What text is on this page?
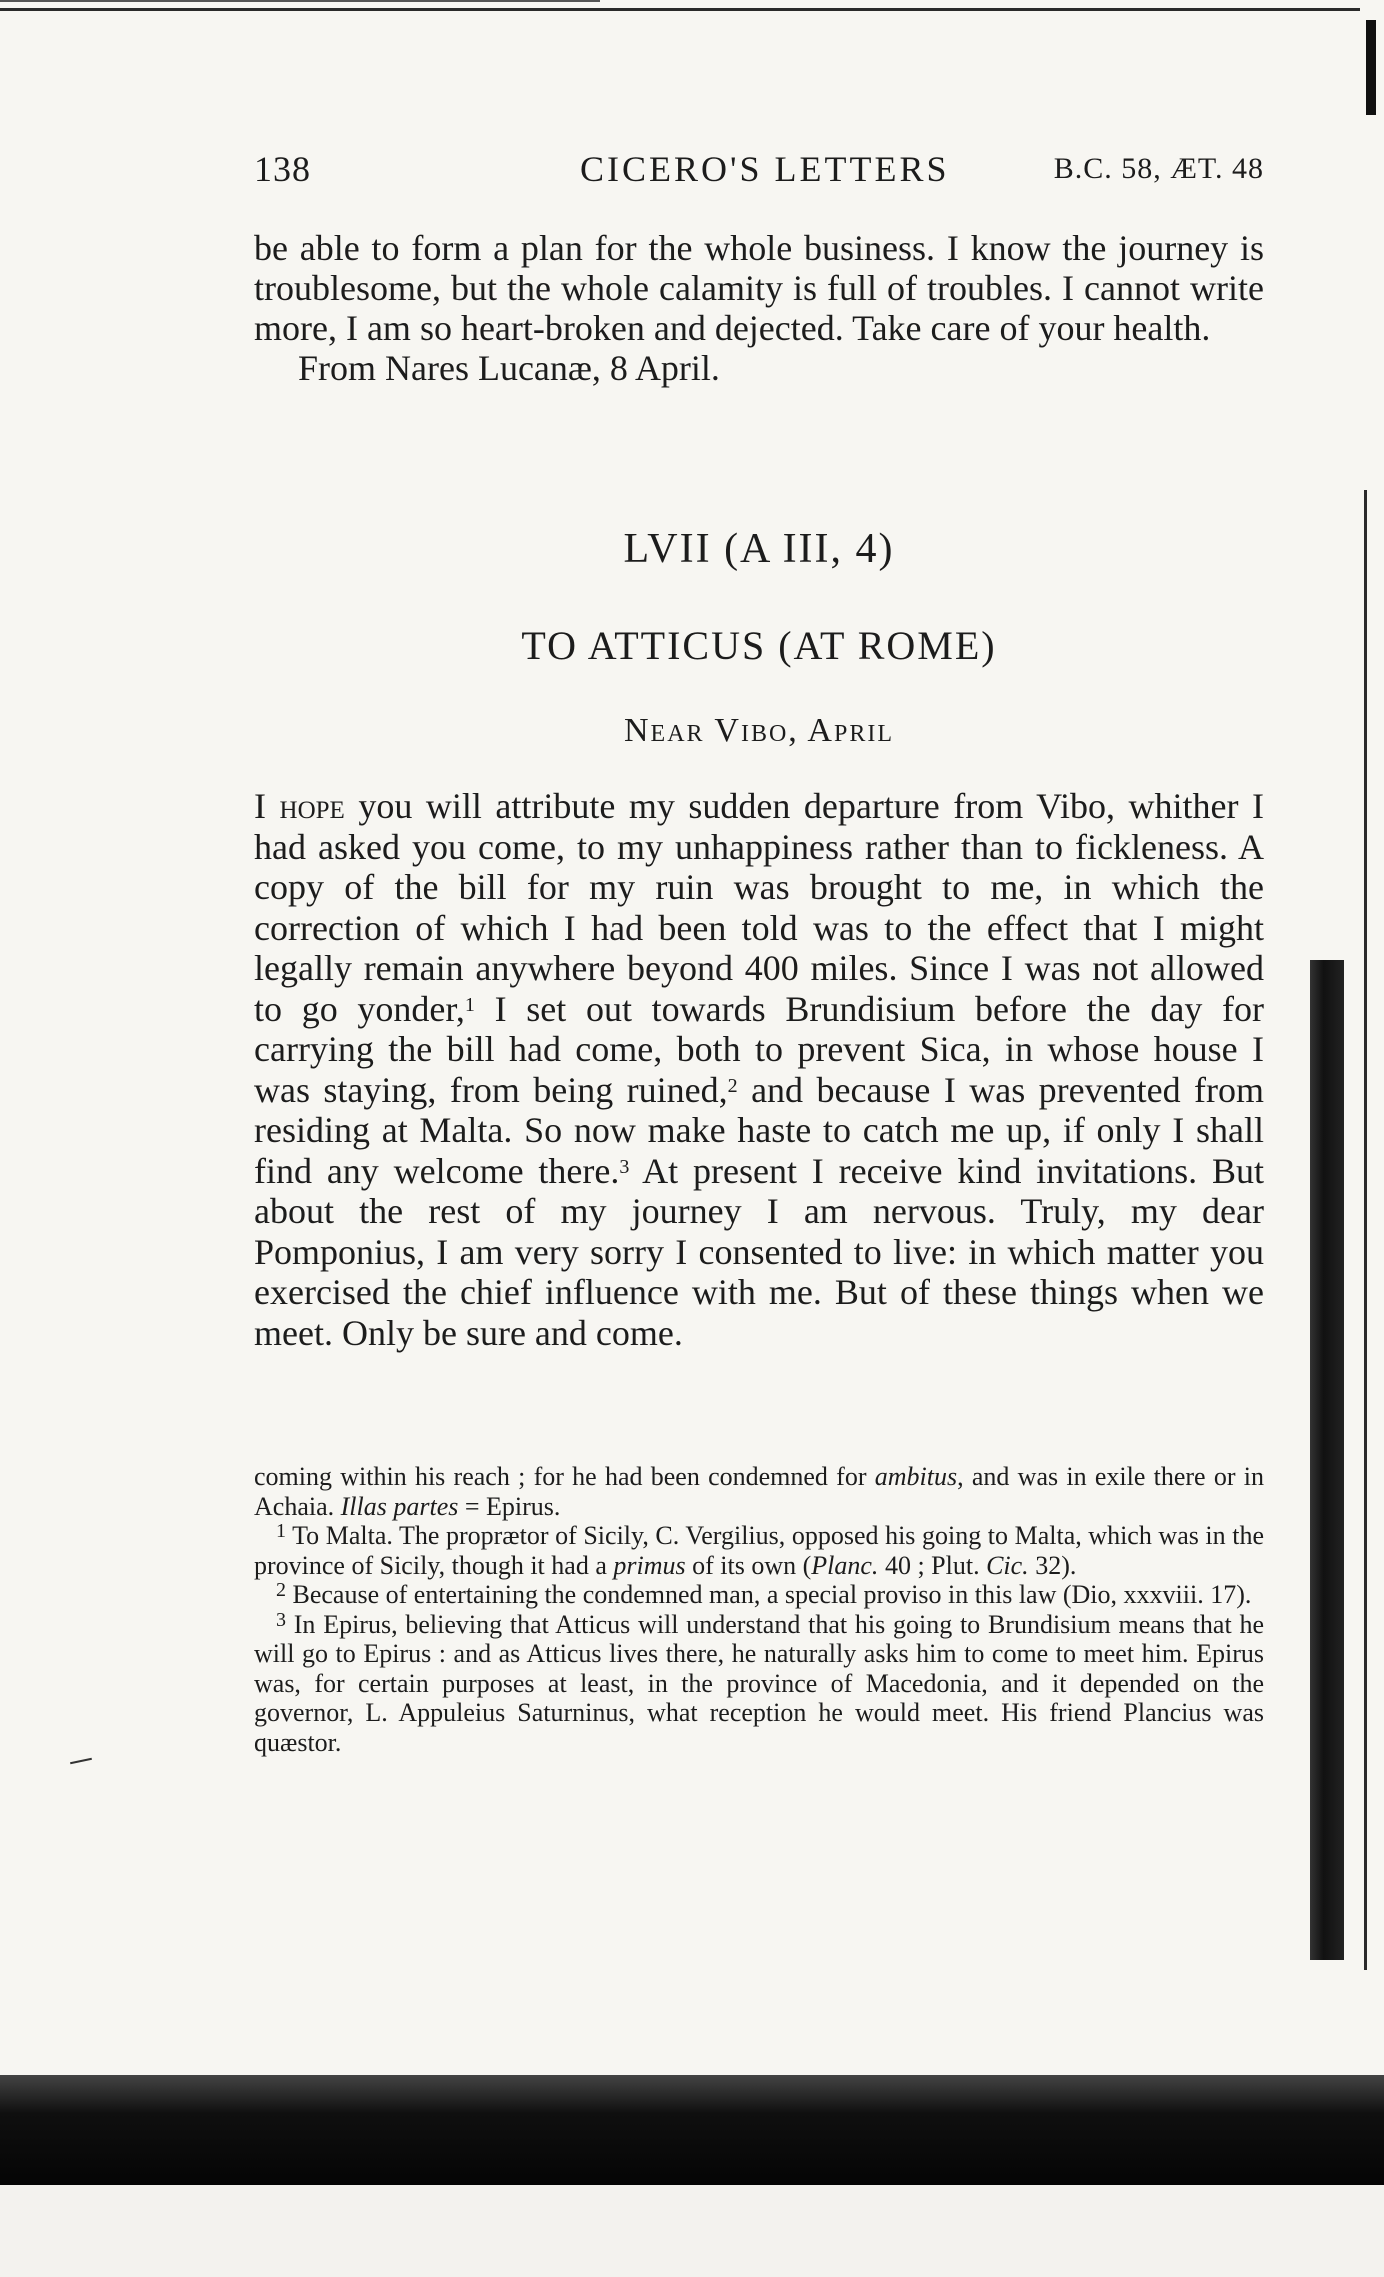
138	CICERO'S LETTERS	B.C. 58, ÆT. 48

be able to form a plan for the whole business. I know the journey is troublesome, but the whole calamity is full of troubles. I cannot write more, I am so heart-broken and dejected. Take care of your health.
From Nares Lucanæ, 8 April.

LVII (A III, 4)
TO ATTICUS (AT ROME)
Near Vibo, April

I hope you will attribute my sudden departure from Vibo, whither I had asked you come, to my unhappiness rather than to fickleness. A copy of the bill for my ruin was brought to me, in which the correction of which I had been told was to the effect that I might legally remain anywhere beyond 400 miles. Since I was not allowed to go yonder,$^1$ I set out towards Brundisium before the day for carrying the bill had come, both to prevent Sica, in whose house I was staying, from being ruined,$^2$ and because I was prevented from residing at Malta. So now make haste to catch me up, if only I shall find any welcome there.$^3$ At present I receive kind invitations. But about the rest of my journey I am nervous. Truly, my dear Pomponius, I am very sorry I consented to live: in which matter you exercised the chief influence with me. But of these things when we meet. Only be sure and come.

coming within his reach ; for he had been condemned for ambitus, and was in exile there or in Achaia. Illas partes = Epirus.

$^1$ To Malta. The proprætor of Sicily, C. Vergilius, opposed his going to Malta, which was in the province of Sicily, though it had a primus of its own (Planc. 40 ; Plut. Cic. 32).

$^2$ Because of entertaining the condemned man, a special proviso in this law (Dio, xxxviii. 17).

$^3$ In Epirus, believing that Atticus will understand that his going to Brundisium means that he will go to Epirus : and as Atticus lives there, he naturally asks him to come to meet him. Epirus was, for certain purposes at least, in the province of Macedonia, and it depended on the governor, L. Appuleius Saturninus, what reception he would meet. His friend Plancius was quæstor.
